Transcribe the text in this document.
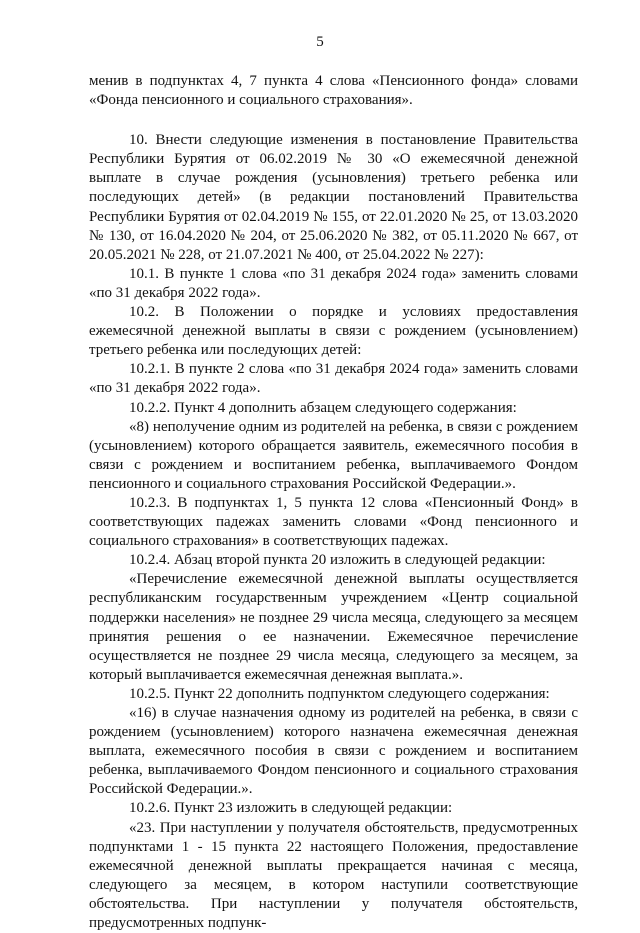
5

менив в подпунктах 4, 7 пункта 4 слова «Пенсионного фонда» словами «Фонда пенсионного и социального страхования».

10. Внести следующие изменения в постановление Правительства Республики Бурятия от 06.02.2019 № 30 «О ежемесячной денежной выплате в случае рождения (усыновления) третьего ребенка или последующих детей» (в редакции постановлений Правительства Республики Бурятия от 02.04.2019 № 155, от 22.01.2020 № 25, от 13.03.2020 № 130, от 16.04.2020 № 204, от 25.06.2020 № 382, от 05.11.2020 № 667, от 20.05.2021 № 228, от 21.07.2021 № 400, от 25.04.2022 № 227):

10.1. В пункте 1 слова «по 31 декабря 2024 года» заменить словами «по 31 декабря 2022 года».

10.2. В Положении о порядке и условиях предоставления ежемесячной денежной выплаты в связи с рождением (усыновлением) третьего ребенка или последующих детей:

10.2.1. В пункте 2 слова «по 31 декабря 2024 года» заменить словами «по 31 декабря 2022 года».

10.2.2. Пункт 4 дополнить абзацем следующего содержания:

«8) неполучение одним из родителей на ребенка, в связи с рождением (усыновлением) которого обращается заявитель, ежемесячного пособия в связи с рождением и воспитанием ребенка, выплачиваемого Фондом пенсионного и социального страхования Российской Федерации.».

10.2.3. В подпунктах 1, 5 пункта 12 слова «Пенсионный Фонд» в соответствующих падежах заменить словами «Фонд пенсионного и социального страхования» в соответствующих падежах.

10.2.4. Абзац второй пункта 20 изложить в следующей редакции:

«Перечисление ежемесячной денежной выплаты осуществляется республиканским государственным учреждением «Центр социальной поддержки населения» не позднее 29 числа месяца, следующего за месяцем принятия решения о ее назначении. Ежемесячное перечисление осуществляется не позднее 29 числа месяца, следующего за месяцем, за который выплачивается ежемесячная денежная выплата.».

10.2.5. Пункт 22 дополнить подпунктом следующего содержания:

«16) в случае назначения одному из родителей на ребенка, в связи с рождением (усыновлением) которого назначена ежемесячная денежная выплата, ежемесячного пособия в связи с рождением и воспитанием ребенка, выплачиваемого Фондом пенсионного и социального страхования Российской Федерации.».

10.2.6. Пункт 23 изложить в следующей редакции:

«23. При наступлении у получателя обстоятельств, предусмотренных подпунктами 1 - 15 пункта 22 настоящего Положения, предоставление ежемесячной денежной выплаты прекращается начиная с месяца, следующего за месяцем, в котором наступили соответствующие обстоятельства. При наступлении у получателя обстоятельств, предусмотренных подпунк-
